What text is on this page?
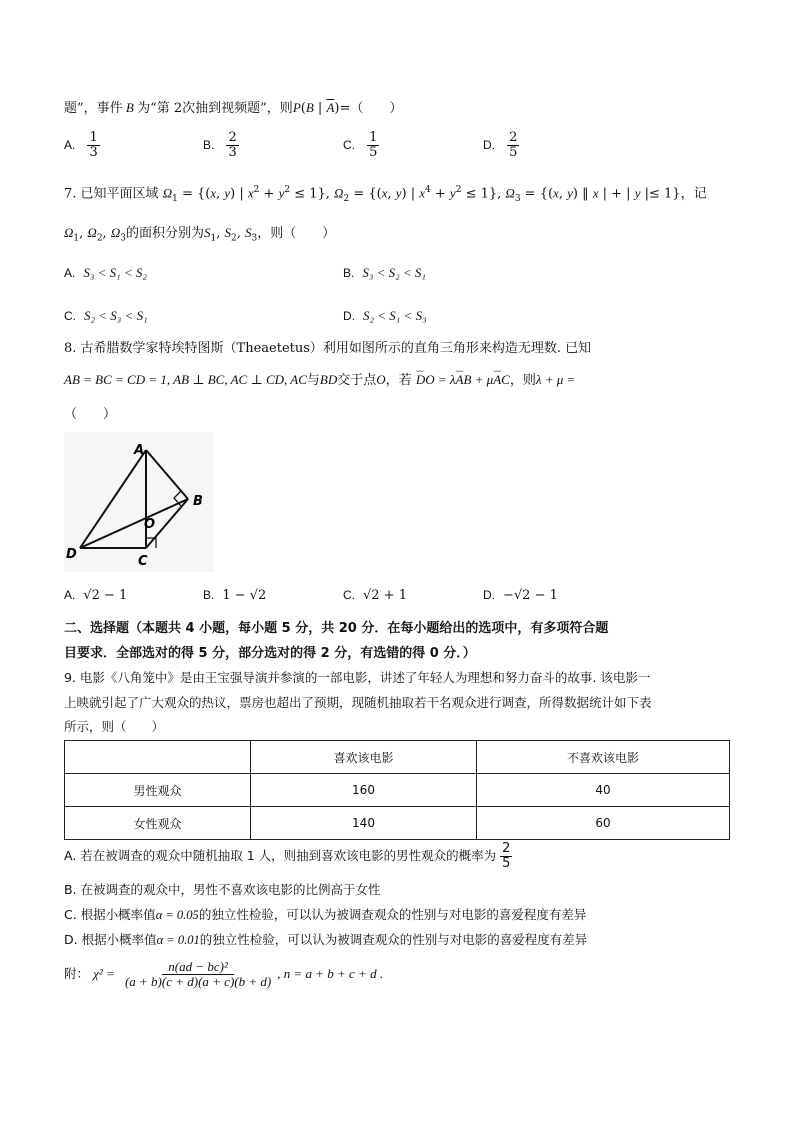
题”，事件 B 为“第 2次抽到视频题”，则P(B | $\overline{A})=$（　　）
A. $\frac{1}{3}$	B. $\frac{2}{3}$	C. $\frac{1}{5}$	D. $\frac{2}{5}$
7. 已知平面区域 $\Omega_1 = \{(x$, y) | $x^2 + y^2 \le 1$}, $\Omega_2 = \{(x$, y) | $x^4 + y^2 \le 1$}, $\Omega_3 = \{(x$, y) ‖ x | + | y |≤ 1}，记
$\Omega_1$, $\Omega_2$, $\Omega_3$的面积分别为$S_1$, $S_2$, $S_3$，则（　　）
A. S₃ < S₁ < S₂	B. S₃ < S₂ < S₁
C. S₂ < S₃ < S₁	D. S₂ < S₁ < S₃
8. 古希腊数学家特埃特图斯（Theaetetus）利用如图所示的直角三角形来构造无理数. 已知
AB = BC = CD = 1, AB ⊥ BC, AC ⊥ CD, AC与BD交于点O，若 ⌣⌣ DO = λ⌣⌣ AB + μ⌣⌣ AC，则λ + μ =
（　　）
A
B
C
D
O
A. √2 − 1	B. 1 − √2	C. √2 + 1	D. −√2 − 1
二、选择题（本题共 4 小题，每小题 5 分，共 20 分．在每小题给出的选项中，有多项符合题
目要求．全部选对的得 5 分，部分选对的得 2 分，有选错的得 0 分．）
9. 电影《八角笼中》是由王宝强导演并参演的一部电影，讲述了年轻人为理想和努力奋斗的故事. 该电影一
上映就引起了广大观众的热议，票房也超出了预期，现随机抽取若干名观众进行调查，所得数据统计如下表
所示，则（　　）
	喜欢该电影	不喜欢该电影
男性观众	160	40
女性观众	140	60
A. 若在被调查的观众中随机抽取 1 人，则抽到喜欢该电影的男性观众的概率为 $\frac{2}{5}$
B. 在被调查的观众中，男性不喜欢该电影的比例高于女性
C. 根据小概率值α = 0.05的独立性检验，可以认为被调查观众的性别与对电影的喜爱程度有差异
D. 根据小概率值α = 0.01的独立性检验，可以认为被调查观众的性别与对电影的喜爱程度有差异
附： $\chi^2 = \frac{\text{n(ad − bc)²}}{(a + b)(c + d)(a + c)(b + d)}$ , n = a + b + c + d .
